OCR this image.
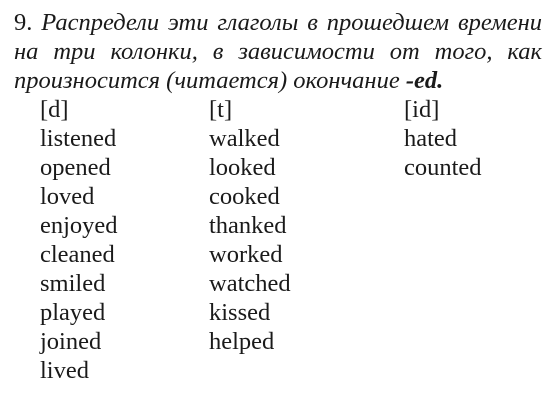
9. Распредели эти глаголы в прошедшем времени на три колонки, в зависимости от того, как произносится (читается) окончание -ed.

[d]
listened
opened
loved
enjoyed
cleaned
smiled
played
joined
lived
[t]
walked
looked
cooked
thanked
worked
watched
kissed
helped
[id]
hated
counted
